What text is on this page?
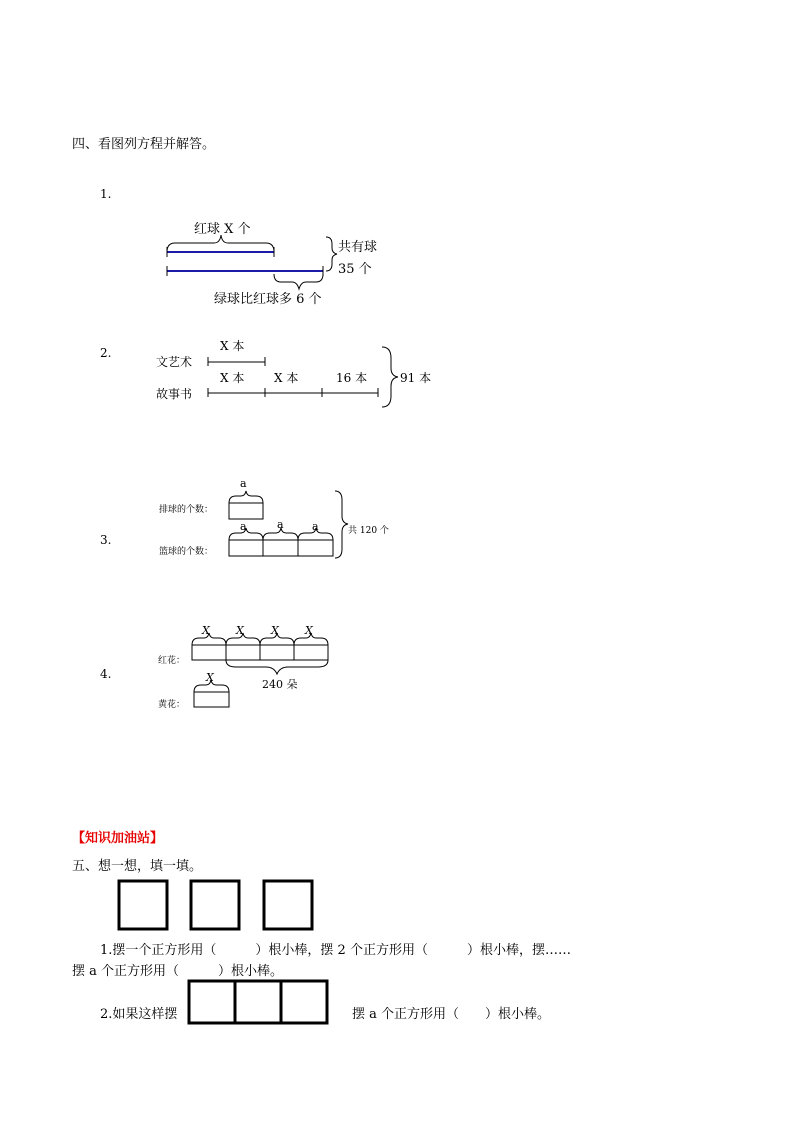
四、看图列方程并解答。
1.
2.
3.
4.
红球 X 个
共有球
35 个
绿球比红球多 6 个
X 本
文艺术
X 本 X 本	16 本
故事书
91 本
a
排球的个数：
a	a	a
篮球的个数：
共 120 个
X X X X
红花：
240 朵
X
黄花：
【知识加油站】
五、想一想，填一填。
1.摆一个正方形用（　　　）根小棒，摆 2 个正方形用（　　　）根小棒，摆……
摆 a 个正方形用（　　　）根小棒。
2.如果这样摆	摆 a 个正方形用（　　）根小棒。
